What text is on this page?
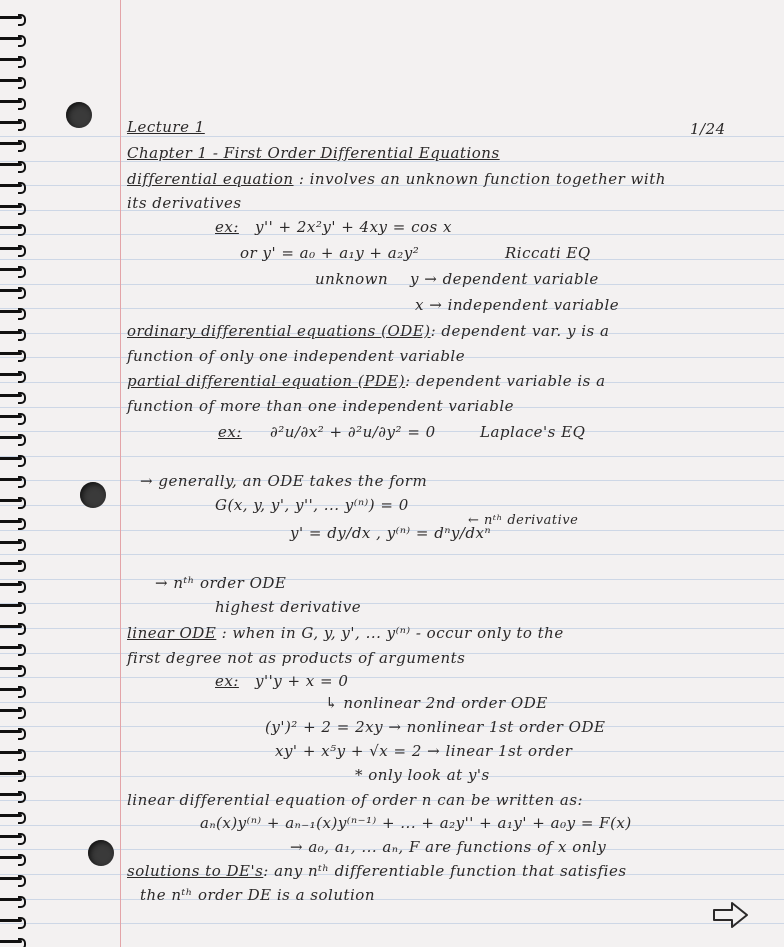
1/24
Lecture 1
Chapter 1 - First Order Differential Equations
differential equation : involves an unknown function together with
its derivatives
ex: y'' + 2x²y' + 4xy = cos x
or y' = a₀ + a₁y + a₂y²	Riccati EQ
unknown y → dependent variable
x → independent variable
ordinary differential equations (ODE): dependent var. y is a
function of only one independent variable
partial differential equation (PDE): dependent variable is a
function of more than one independent variable
ex: ∂²u/∂x² + ∂²u/∂y² = 0	Laplace's EQ
→ generally, an ODE takes the form
G(x, y, y', y'', ... y⁽ⁿ⁾) = 0
y' = dy/dx , y⁽ⁿ⁾ = dⁿy/dxⁿ
← nᵗʰ derivative
→ nᵗʰ order ODE
highest derivative
linear ODE : when in G, y, y', ... y⁽ⁿ⁾ - occur only to the
first degree not as products of arguments
ex: y''y + x = 0
↳ nonlinear 2nd order ODE
(y')² + 2 = 2xy → nonlinear 1st order ODE
xy' + x⁵y + √x = 2 → linear 1st order
* only look at y's
linear differential equation of order n can be written as:
aₙ(x)y⁽ⁿ⁾ + aₙ₋₁(x)y⁽ⁿ⁻¹⁾ + ... + a₂y'' + a₁y' + a₀y = F(x)
→ a₀, a₁, ... aₙ, F are functions of x only
solutions to DE's: any nᵗʰ differentiable function that satisfies
the nᵗʰ order DE is a solution
